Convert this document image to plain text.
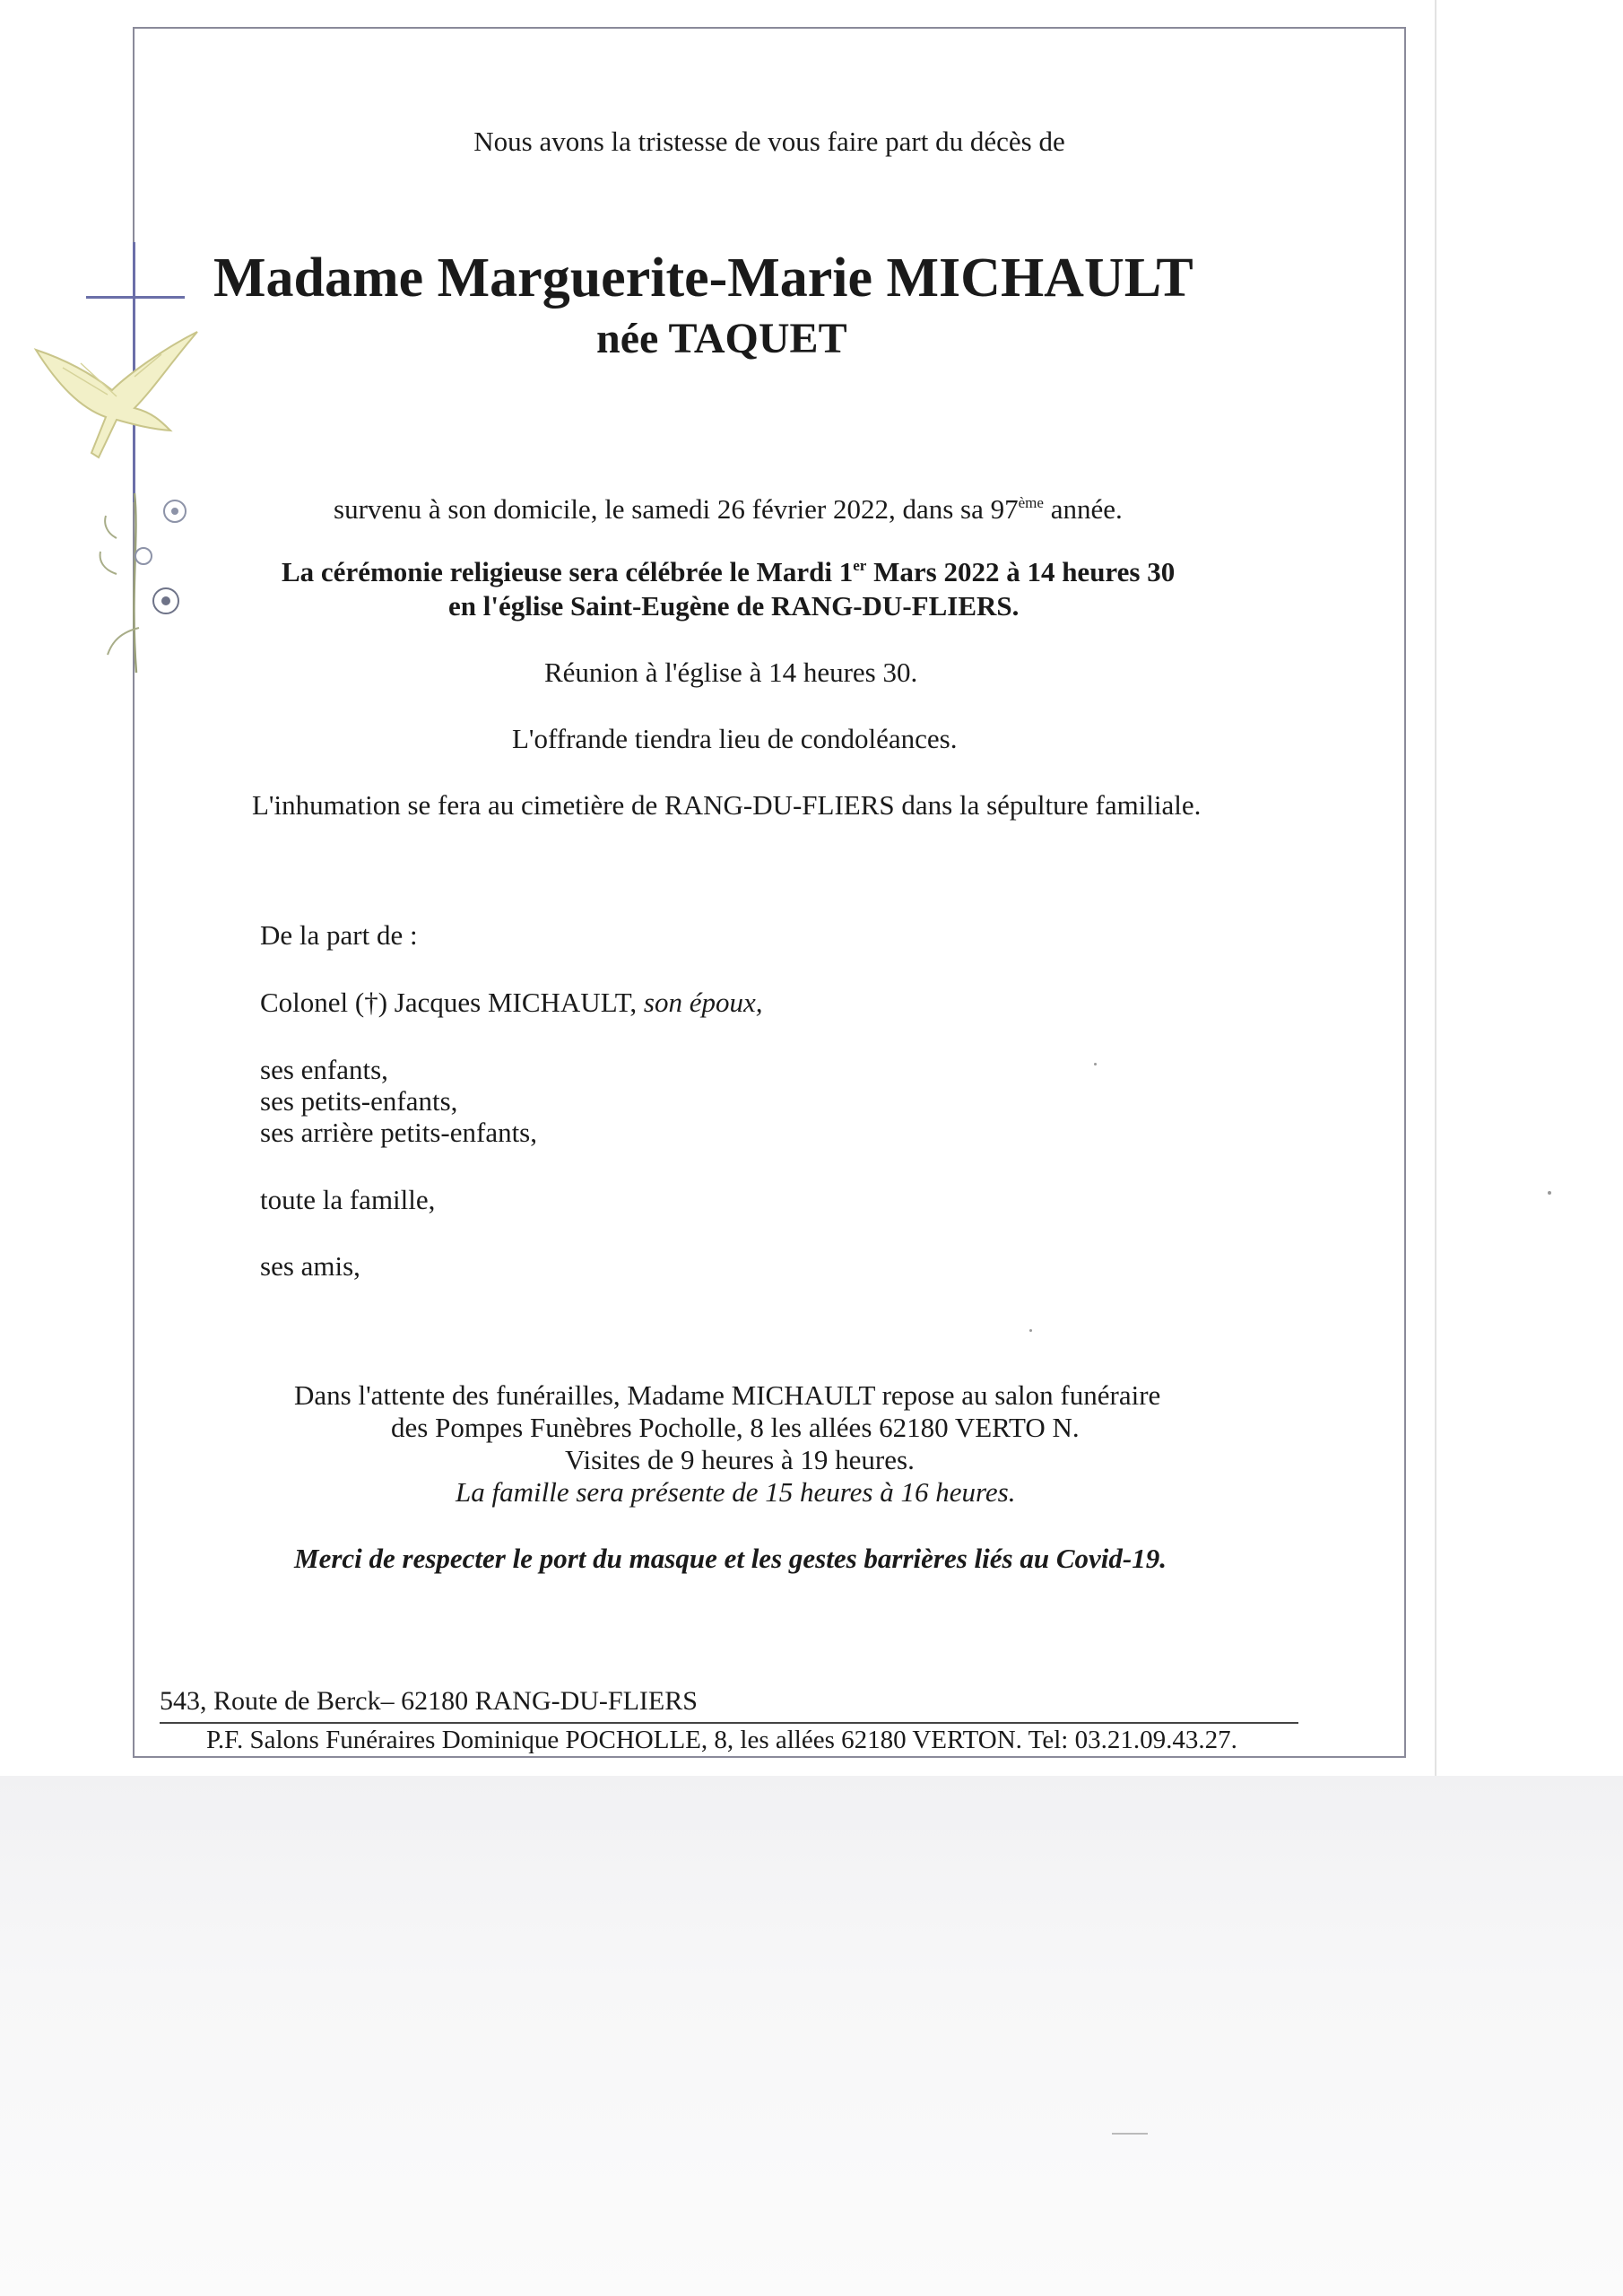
Nous avons la tristesse de vous faire part du décès de
Madame Marguerite-Marie MICHAULT
née TAQUET
survenu à son domicile, le samedi 26 février 2022, dans sa 97ème année.
La cérémonie religieuse sera célébrée le Mardi 1er Mars 2022 à 14 heures 30
en l'église Saint-Eugène de RANG-DU-FLIERS.
Réunion à l'église à 14 heures 30.
L'offrande tiendra lieu de condoléances.
L'inhumation se fera au cimetière de RANG-DU-FLIERS dans la sépulture familiale.
De la part de :
Colonel (†) Jacques MICHAULT, son époux,
ses enfants,
ses petits-enfants,
ses arrière petits-enfants,
toute la famille,
ses amis,
Dans l'attente des funérailles, Madame MICHAULT repose au salon funéraire
des Pompes Funèbres Pocholle, 8 les allées 62180 VERTO N.
Visites de 9 heures à 19 heures.
La famille sera présente de 15 heures à 16 heures.
Merci de respecter le port du masque et les gestes barrières liés au Covid-19.
543, Route de Berck– 62180 RANG-DU-FLIERS
P.F. Salons Funéraires Dominique POCHOLLE, 8, les allées 62180 VERTON. Tel: 03.21.09.43.27.
